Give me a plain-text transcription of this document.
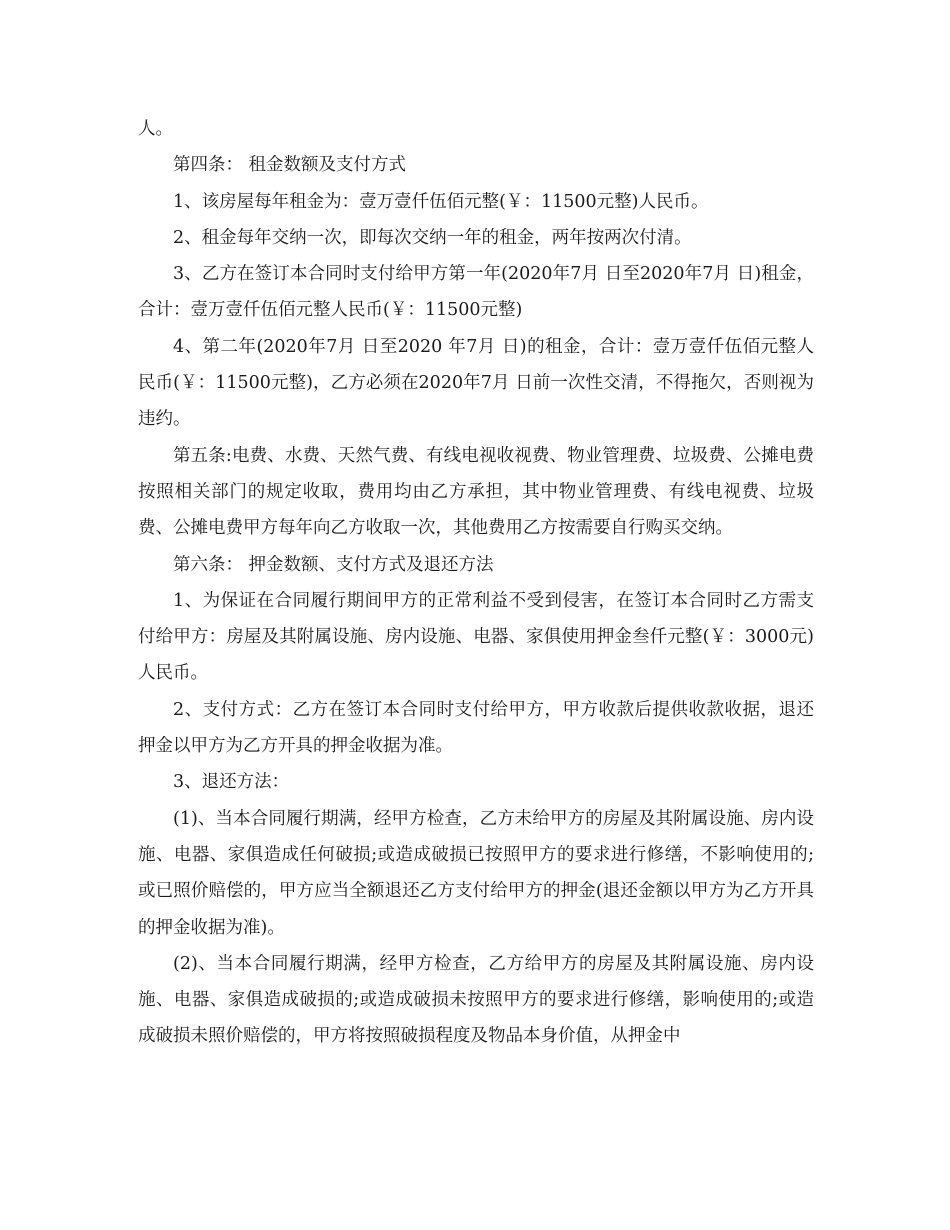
人。

第四条： 租金数额及支付方式

1、该房屋每年租金为：壹万壹仟伍佰元整(￥：11500元整)人民币。

2、租金每年交纳一次，即每次交纳一年的租金，两年按两次付清。

3、乙方在签订本合同时支付给甲方第一年(2020年7月 日至2020年7月 日)租金，合计：壹万壹仟伍佰元整人民币(￥：11500元整)

4、第二年(2020年7月 日至2020 年7月 日)的租金，合计：壹万壹仟伍佰元整人民币(￥：11500元整)，乙方必须在2020年7月 日前一次性交清，不得拖欠，否则视为违约。

第五条:电费、水费、天然气费、有线电视收视费、物业管理费、垃圾费、公摊电费按照相关部门的规定收取，费用均由乙方承担，其中物业管理费、有线电视费、垃圾费、公摊电费甲方每年向乙方收取一次，其他费用乙方按需要自行购买交纳。

第六条： 押金数额、支付方式及退还方法

1、为保证在合同履行期间甲方的正常利益不受到侵害，在签订本合同时乙方需支付给甲方：房屋及其附属设施、房内设施、电器、家俱使用押金叁仟元整(￥：3000元)人民币。

2、支付方式：乙方在签订本合同时支付给甲方，甲方收款后提供收款收据，退还押金以甲方为乙方开具的押金收据为准。

3、退还方法：

(1)、当本合同履行期满，经甲方检查，乙方未给甲方的房屋及其附属设施、房内设施、电器、家俱造成任何破损;或造成破损已按照甲方的要求进行修缮，不影响使用的;或已照价赔偿的，甲方应当全额退还乙方支付给甲方的押金(退还金额以甲方为乙方开具的押金收据为准)。

(2)、当本合同履行期满，经甲方检查，乙方给甲方的房屋及其附属设施、房内设施、电器、家俱造成破损的;或造成破损未按照甲方的要求进行修缮，影响使用的;或造成破损未照价赔偿的，甲方将按照破损程度及物品本身价值，从押金中
